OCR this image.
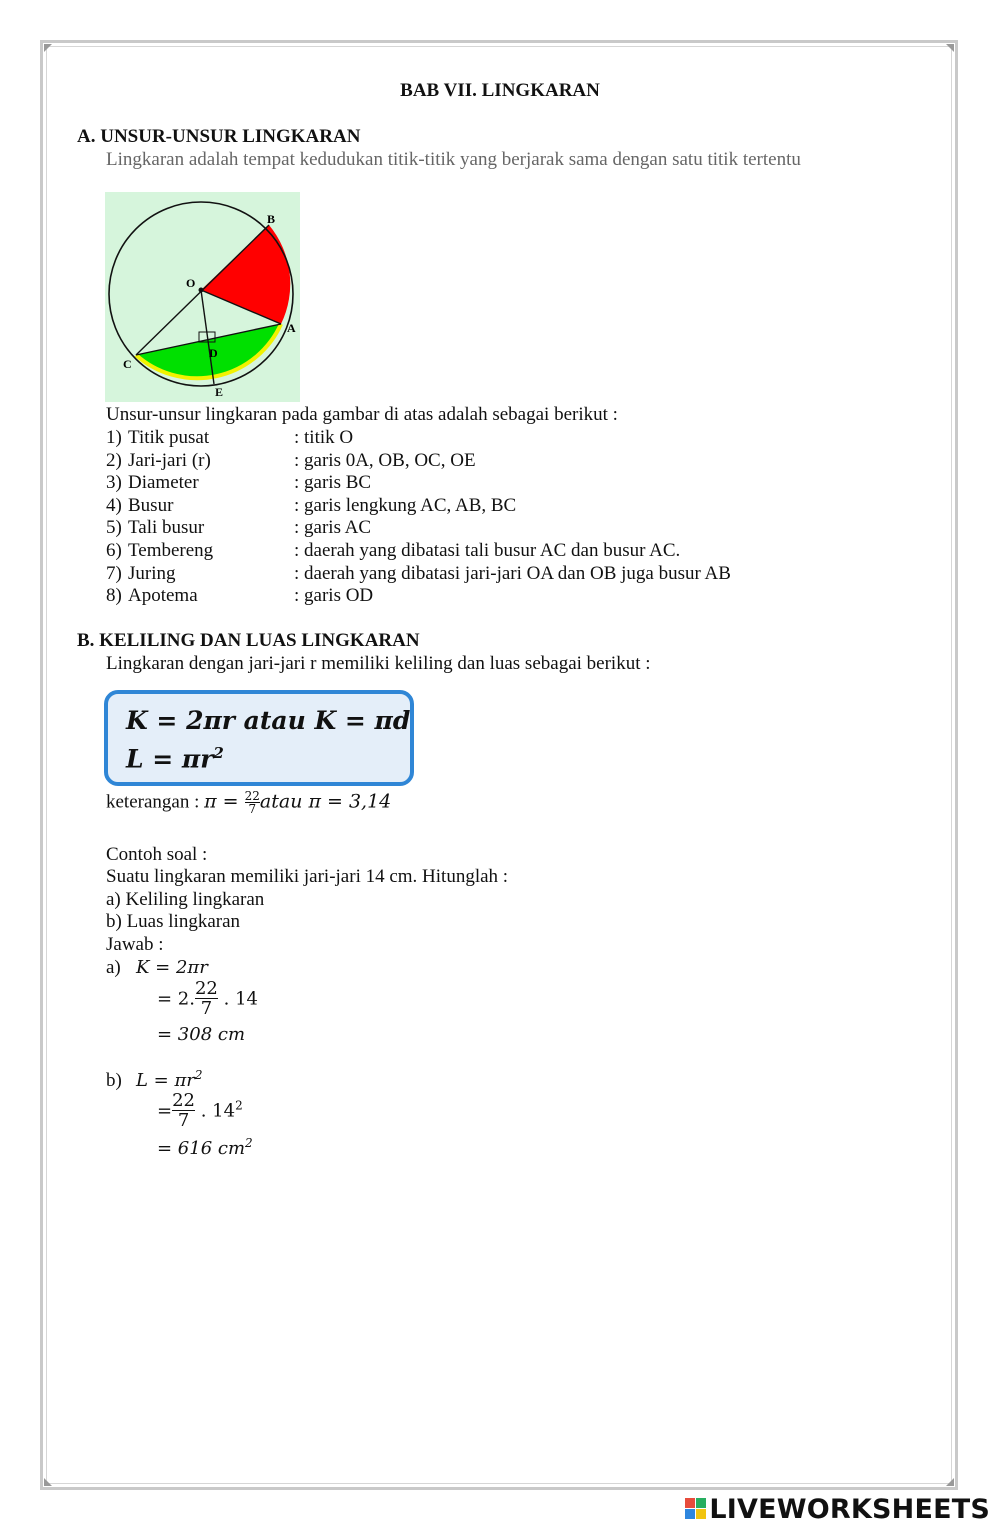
BAB VII. LINGKARAN
A. UNSUR-UNSUR LINGKARAN
Lingkaran adalah tempat kedudukan titik-titik yang berjarak sama dengan satu titik tertentu
B
O
A
C
D
E
Unsur-unsur lingkaran pada gambar di atas adalah sebagai berikut :
1) Titik pusat	: titik O
2) Jari-jari (r)	: garis 0A, OB, OC, OE
3) Diameter	: garis BC
4) Busur	: garis lengkung AC, AB, BC
5) Tali busur	: garis AC
6) Tembereng	: daerah yang dibatasi tali busur AC dan busur AC.
7) Juring	: daerah yang dibatasi jari-jari OA dan OB juga busur AB
8) Apotema	: garis OD
B. KELILING DAN LUAS LINGKARAN
Lingkaran dengan jari-jari r memiliki keliling dan luas sebagai berikut :
K = 2πr atau K = πd
$L = \pi r^2$
keterangan : $\pi = \frac{22}{7}$ atau π = 3,14
Contoh soal :
Suatu lingkaran memiliki jari-jari 14 cm. Hitunglah :
a) Keliling lingkaran
b) Luas lingkaran
Jawab :
a) K = 2πr
= 2. $\frac{22}{7}$ . 14
= 308 cm
b) $L = \pi r^2$
= $\frac{22}{7}$ . $14^2$
= 616 $cm^2$
LIVEWORKSHEETS
